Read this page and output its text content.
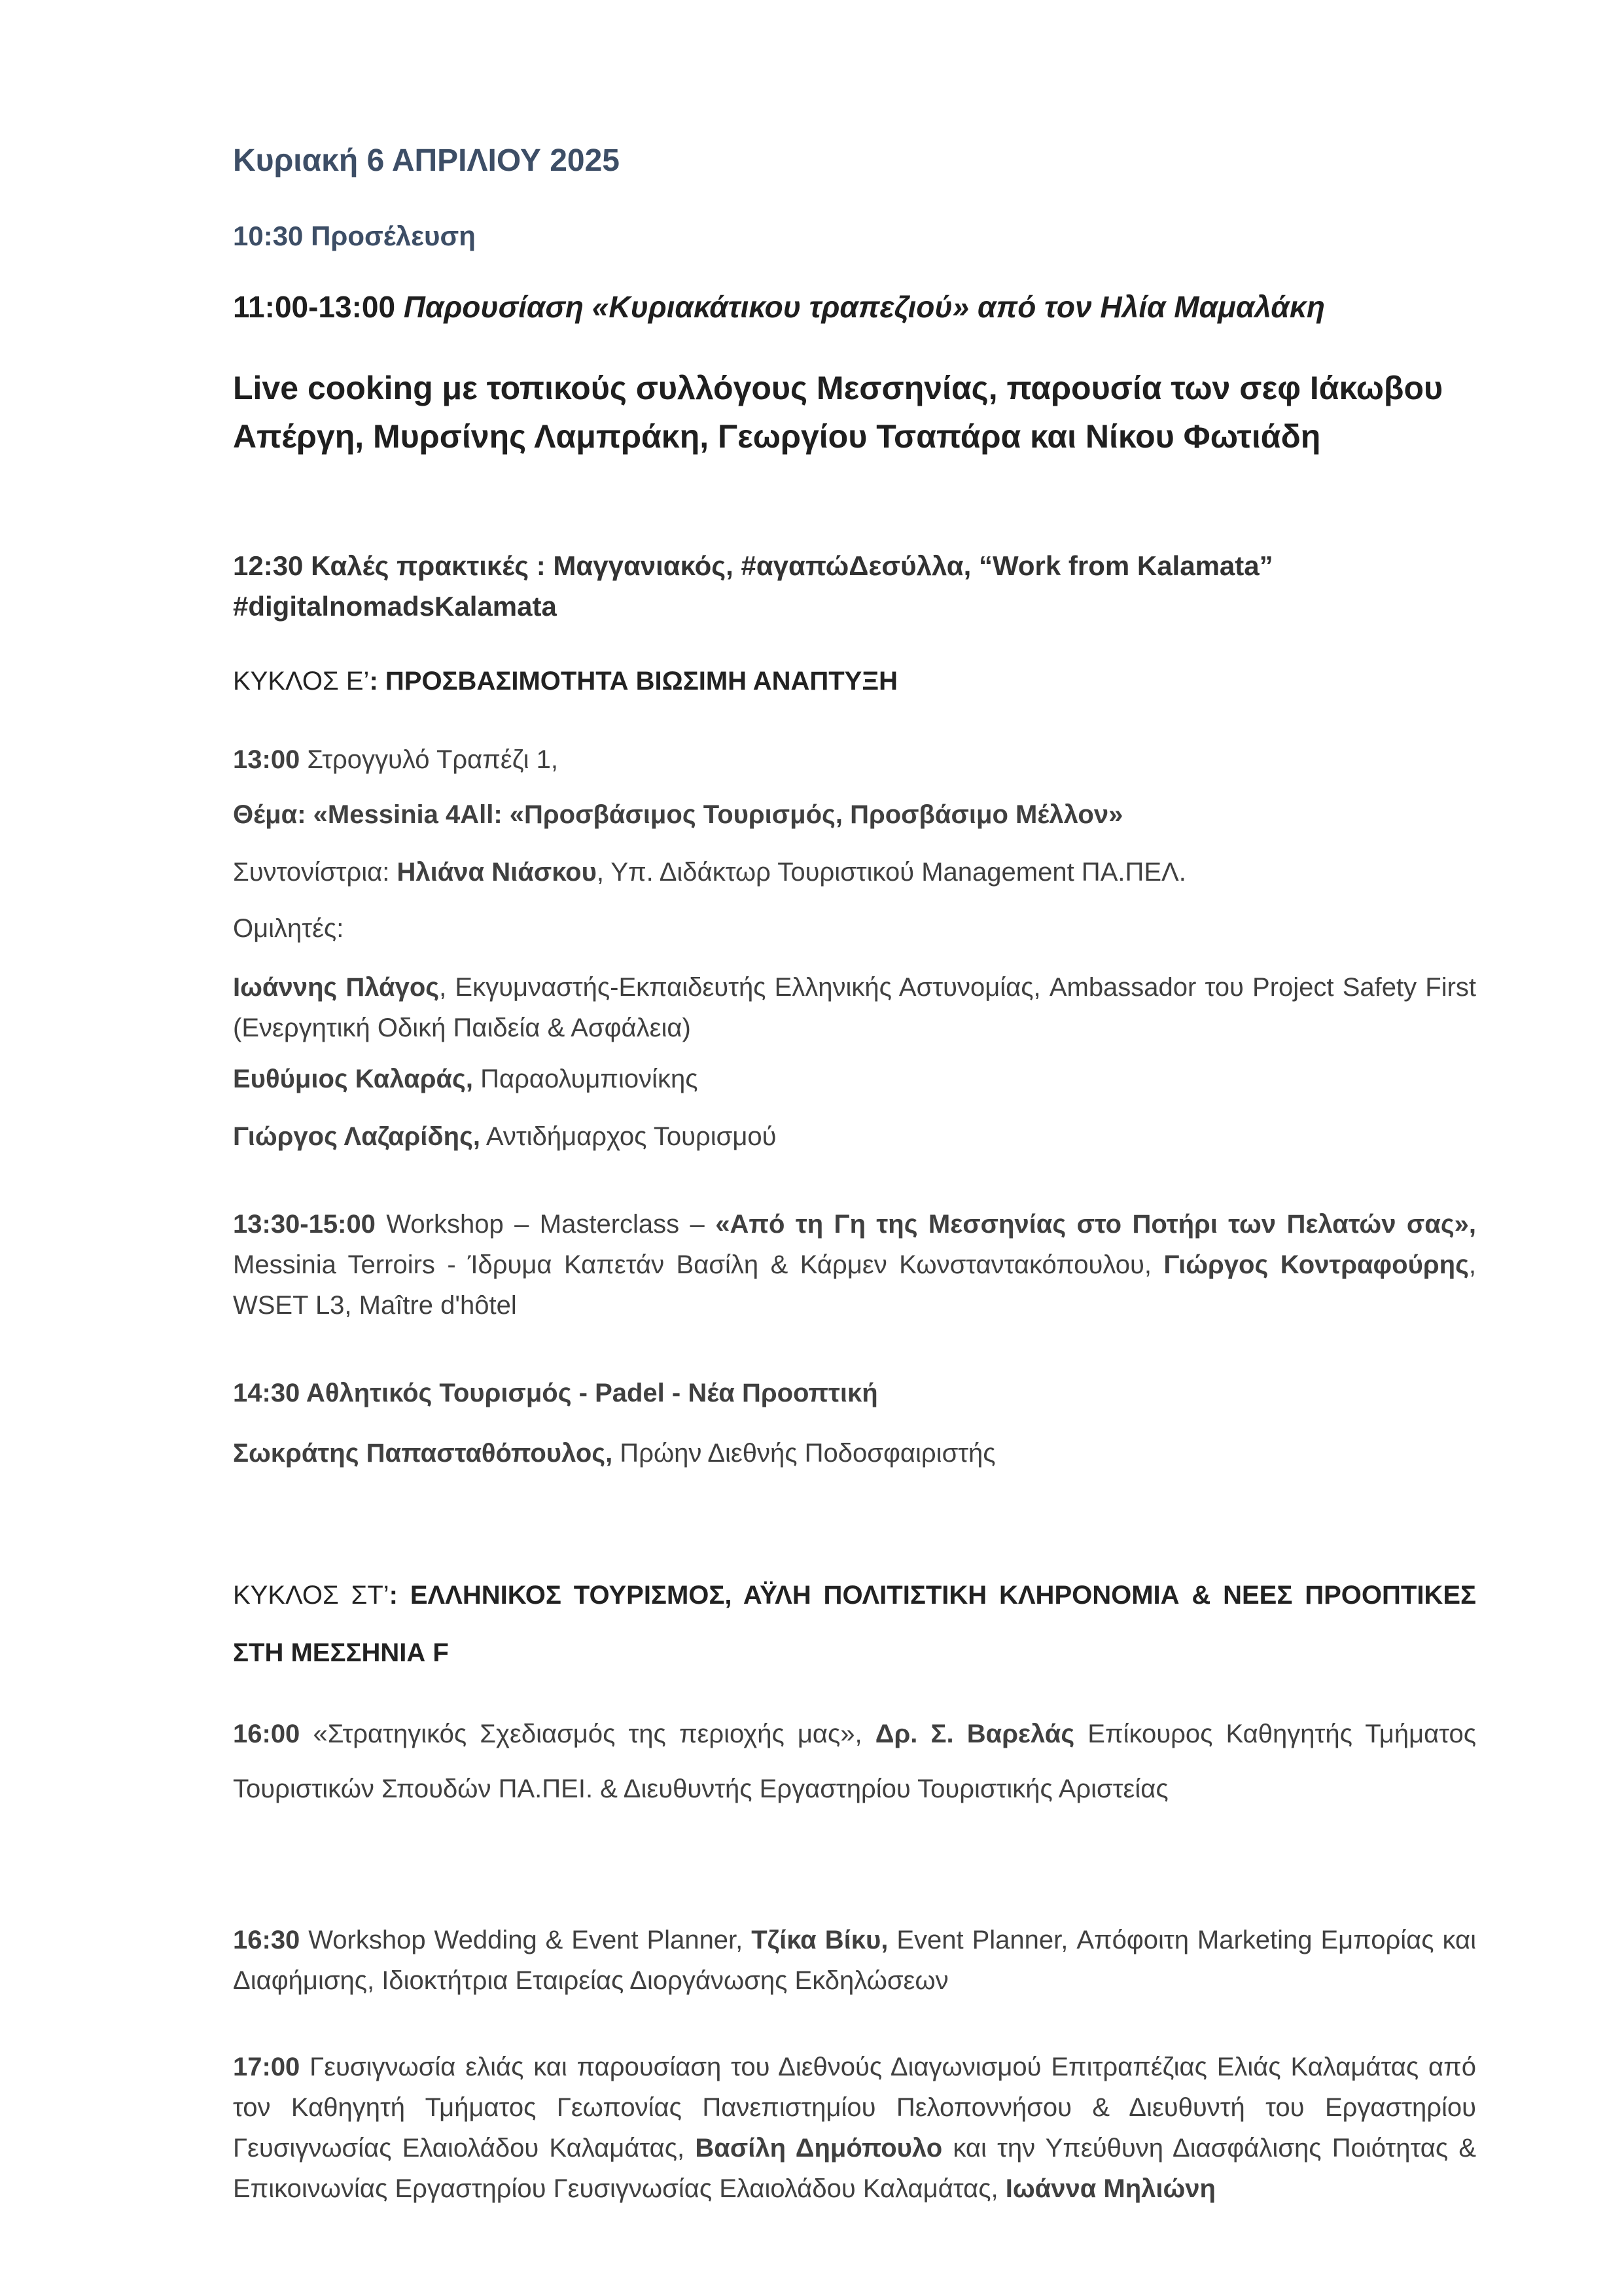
Κυριακή 6 ΑΠΡΙΛΙΟΥ 2025

10:30 Προσέλευση

11:00-13:00 Παρουσίαση «Κυριακάτικου τραπεζιού» από τον Ηλία Μαμαλάκη

Live cooking με τοπικούς συλλόγους Μεσσηνίας, παρουσία των σεφ Ιάκωβου Απέργη, Μυρσίνης Λαμπράκη, Γεωργίου Τσαπάρα και Νίκου Φωτιάδη

12:30 Καλές πρακτικές : Μαγγανιακός, #αγαπώΔεσύλλα, “Work from Kalamata” #digitalnomadsKalamata

ΚΥΚΛΟΣ Ε’: ΠΡΟΣΒΑΣΙΜΟΤΗΤΑ ΒΙΩΣΙΜΗ ΑΝΑΠΤΥΞΗ

13:00 Στρογγυλό Τραπέζι 1,

Θέμα: «Messinia 4All: «Προσβάσιμος Τουρισμός, Προσβάσιμο Μέλλον»

Συντονίστρια: Ηλιάνα Νιάσκου, Υπ. Διδάκτωρ Τουριστικού Management ΠΑ.ΠΕΛ.

Ομιλητές:

Ιωάννης Πλάγος, Εκγυμναστής-Εκπαιδευτής Ελληνικής Αστυνομίας, Ambassador του Project Safety First (Ενεργητική Οδική Παιδεία & Ασφάλεια)

Ευθύμιος Καλαράς, Παραολυμπιονίκης

Γιώργος Λαζαρίδης, Αντιδήμαρχος Τουρισμού

13:30-15:00 Workshop – Masterclass – «Από τη Γη της Μεσσηνίας στο Ποτήρι των Πελατών σας», Messinia Terroirs - Ίδρυμα Καπετάν Βασίλη & Κάρμεν Κωνσταντακόπουλου, Γιώργος Κοντραφούρης, WSET L3, Maître d'hôtel

14:30 Αθλητικός Τουρισμός - Padel - Νέα Προοπτική

Σωκράτης Παπασταθόπουλος, Πρώην Διεθνής Ποδοσφαιριστής

ΚΥΚΛΟΣ ΣΤ’: ΕΛΛΗΝΙΚΟΣ ΤΟΥΡΙΣΜΟΣ, ΑΫΛΗ ΠΟΛΙΤΙΣΤΙΚΗ ΚΛΗΡΟΝΟΜΙΑ & ΝΕΕΣ ΠΡΟΟΠΤΙΚΕΣ ΣΤΗ ΜΕΣΣΗΝΙΑ F

16:00 «Στρατηγικός Σχεδιασμός της περιοχής μας», Δρ. Σ. Βαρελάς Επίκουρος Καθηγητής Τμήματος Τουριστικών Σπουδών ΠΑ.ΠΕΙ. & Διευθυντής Εργαστηρίου Τουριστικής Αριστείας

16:30 Workshop Wedding & Event Planner, Τζίκα Βίκυ, Event Planner, Απόφοιτη Marketing Εμπορίας και Διαφήμισης, Ιδιοκτήτρια Εταιρείας Διοργάνωσης Εκδηλώσεων

17:00 Γευσιγνωσία ελιάς και παρουσίαση του Διεθνούς Διαγωνισμού Επιτραπέζιας Ελιάς Καλαμάτας από τον Καθηγητή Τμήματος Γεωπονίας Πανεπιστημίου Πελοποννήσου & Διευθυντή του Εργαστηρίου Γευσιγνωσίας Ελαιολάδου Καλαμάτας, Βασίλη Δημόπουλο και την Υπεύθυνη Διασφάλισης Ποιότητας & Επικοινωνίας Εργαστηρίου Γευσιγνωσίας Ελαιολάδου Καλαμάτας, Ιωάννα Μηλιώνη
